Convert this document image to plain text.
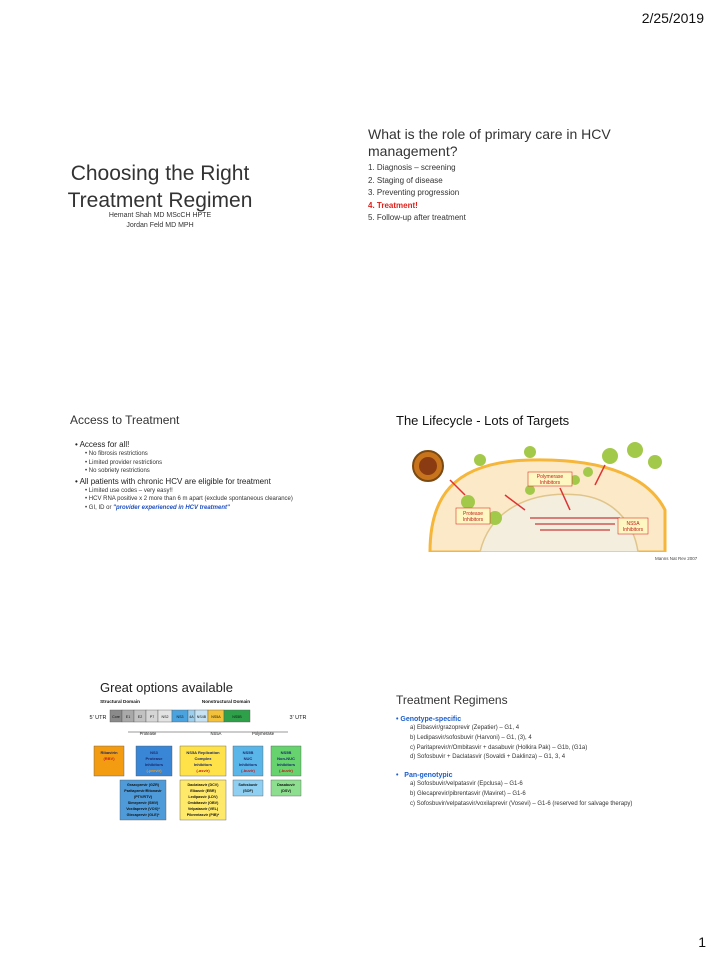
2/25/2019
1
Choosing the Right
Treatment Regimen
Hemant Shah MD MScCH HPTE
Jordan Feld MD MPH
What is the role of primary care in HCV management?
1. Diagnosis – screening
2. Staging of disease
3. Preventing progression
4. Treatment!
5. Follow-up after treatment
Access to Treatment
• Access for all!
• No fibrosis restrictions
• Limited provider restrictions
• No sobriety restrictions
• All patients with chronic HCV are eligible for treatment
• Limited use codes – very easy!!
• HCV RNA positive x 2 more than 6 m apart (exclude spontaneous clearance)
• GI, ID or "provider experienced in HCV treatment"
The Lifecycle - Lots of Targets
Polymerase
Inhibitors
Protease
Inhibitors
NS5A
Inhibitors
Manns Nat Rev 2007
Great options available
Structural Domain	Nonstructural Domain
5' UTR	3' UTR
Core E1 E2 P7 NS2 NS3 4A NS4B NS5A	NS5B
Protease	NS5A	Polymerase
Ribavirin
(RBV)
NS3
Protease
Inhibitors
(-previr)
NS5A Replication
Complex
Inhibitors
(-asvir)
NS5B
NUC
Inhibitors
(-buvir)
NS5B
Non-NUC
Inhibitors
(-buvir)
Grazoprevir (GZR)
Paritaprevir/Ritonavir
(PTV/RTV)
Simeprevir (SMV)
Voxilaprevir (VOX)*
Glecaprevir (GLE)*
Daclatasvir (DCV)
Elbasvir (EBR)
Ledipasvir (LDV)
Ombitasvir (OBV)
Velpatasvir (VEL)
Pibrentasvir (PIB)*
Sofosbuvir
(SOF)
Dasabuvir
(DSV)
Treatment Regimens
• Genotype-specific
a) Elbasvir/grazoprevir (Zepatier) – G1, 4
b) Ledipasvir/sofosbuvir (Harvoni) – G1, (3), 4
c) Paritaprevir/r/Ombitasvir + dasabuvir (Holkira Pak) – G1b, (G1a)
d) Sofosbuvir + Daclatasvir (Sovaldi + Daklinza) – G1, 3, 4
•   Pan-genotypic
a) Sofosbuvir/velpatasvir (Epclusa) – G1-6
b) Glecaprevir/pibrentasvir (Maviret) – G1-6
c) Sofosbuvir/velpatasvir/voxilaprevir (Vosevi) – G1-6 (reserved for salvage therapy)
